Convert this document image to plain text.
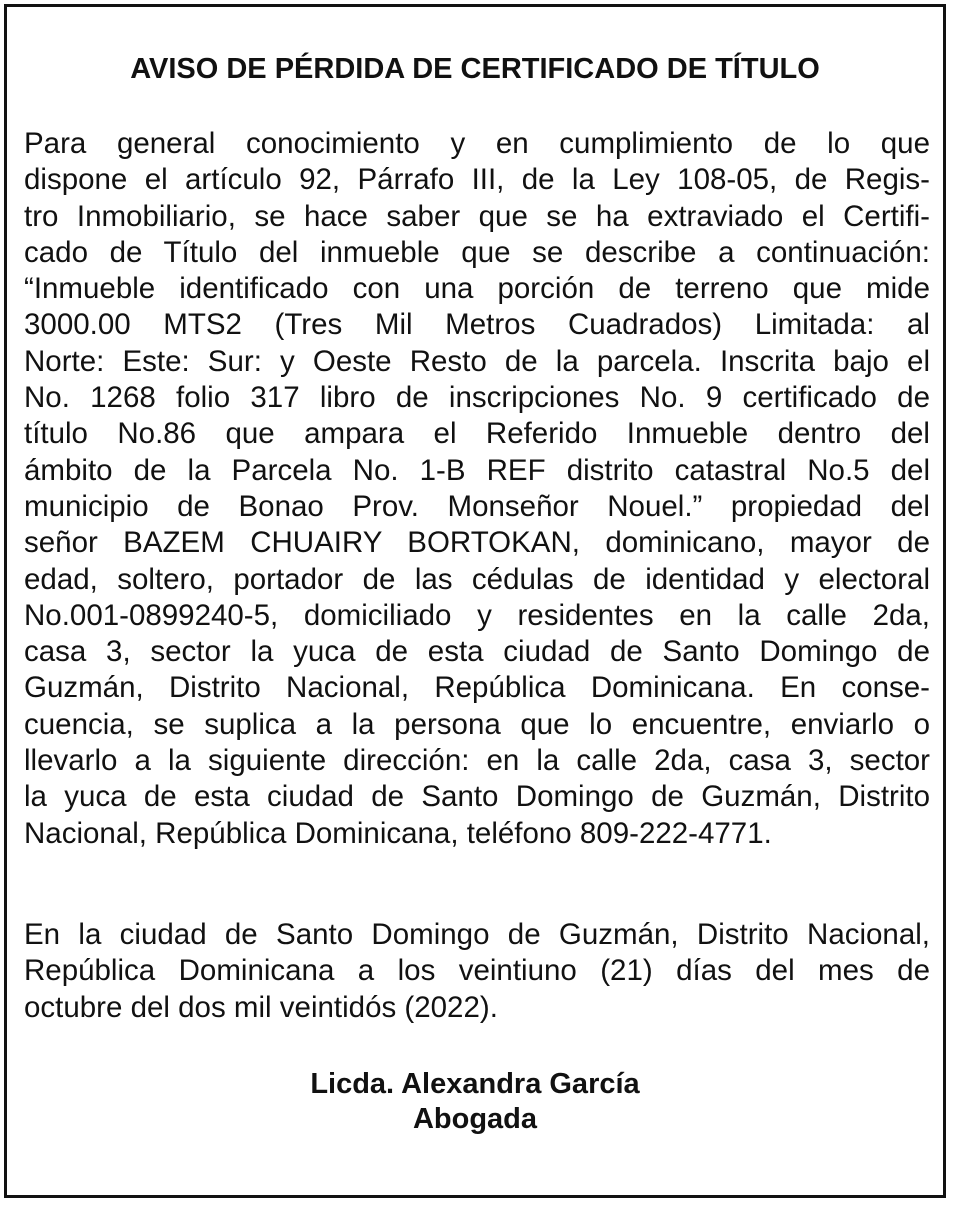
AVISO DE PÉRDIDA DE CERTIFICADO DE TÍTULO
Para general conocimiento y en cumplimiento de lo que
dispone el artículo 92, Párrafo III, de la Ley 108-05, de Regis-
tro Inmobiliario, se hace saber que se ha extraviado el Certifi-
cado de Título del inmueble que se describe a continuación:
“Inmueble identificado con una porción de terreno que mide
3000.00 MTS2 (Tres Mil Metros Cuadrados) Limitada: al
Norte: Este: Sur: y Oeste Resto de la parcela. Inscrita bajo el
No. 1268 folio 317 libro de inscripciones No. 9 certificado de
título No.86 que ampara el Referido Inmueble dentro del
ámbito de la Parcela No. 1-B REF distrito catastral No.5 del
municipio de Bonao Prov. Monseñor Nouel.” propiedad del
señor BAZEM CHUAIRY BORTOKAN, dominicano, mayor de
edad, soltero, portador de las cédulas de identidad y electoral
No.001-0899240-5, domiciliado y residentes en la calle 2da,
casa 3, sector la yuca de esta ciudad de Santo Domingo de
Guzmán, Distrito Nacional, República Dominicana. En conse-
cuencia, se suplica a la persona que lo encuentre, enviarlo o
llevarlo a la siguiente dirección: en la calle 2da, casa 3, sector
la yuca de esta ciudad de Santo Domingo de Guzmán, Distrito
Nacional, República Dominicana, teléfono 809-222-4771.
En la ciudad de Santo Domingo de Guzmán, Distrito Nacional,
República Dominicana a los veintiuno (21) días del mes de
octubre del dos mil veintidós (2022).
Licda. Alexandra García
Abogada
